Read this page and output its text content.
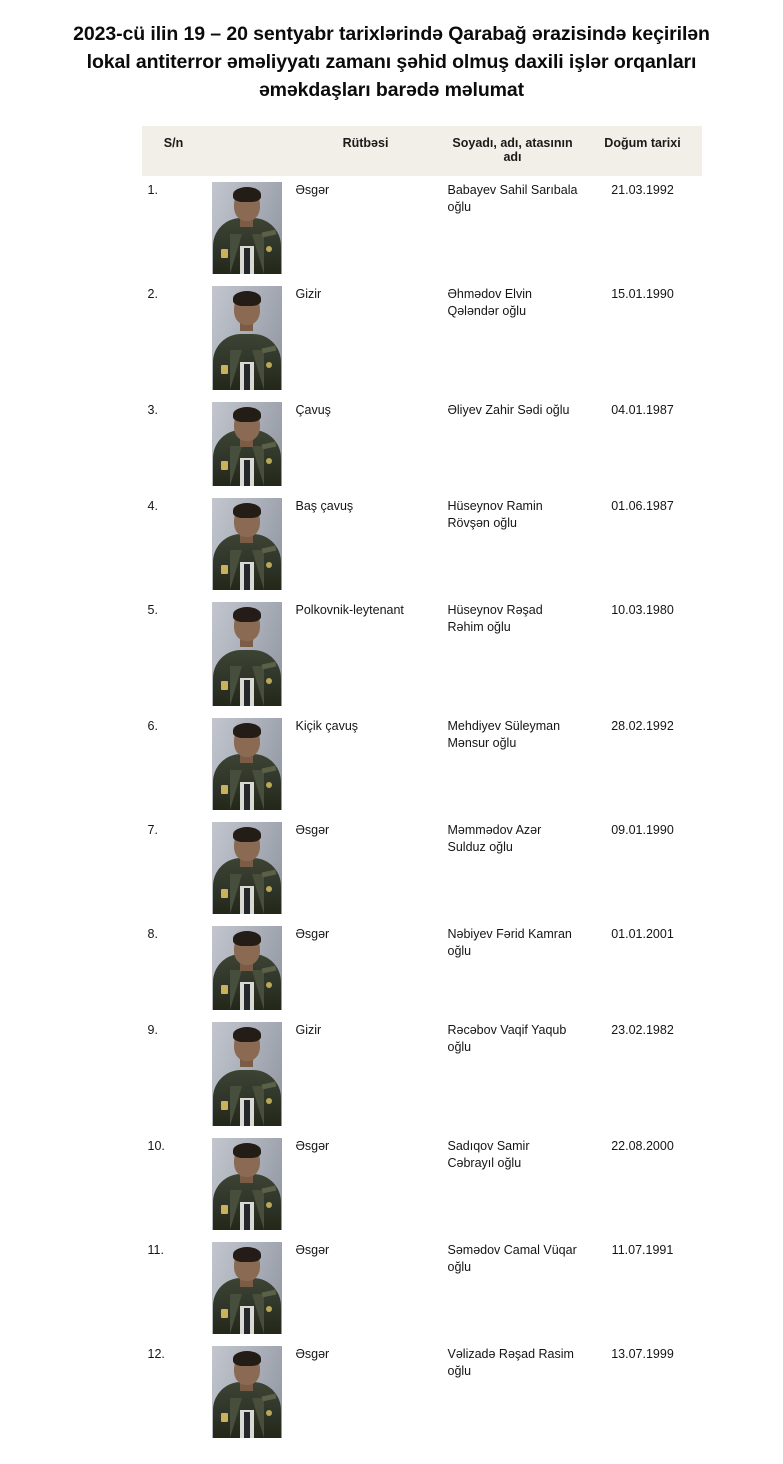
2023-cü ilin 19 – 20 sentyabr tarixlərində Qarabağ ərazisində keçirilən lokal antiterror əməliyyatı zamanı şəhid olmuş daxili işlər orqanları əməkdaşları barədə məlumat
S/n		Rütbəsi	Soyadı, adı, atasının adı	Doğum tarixi
1.		Əsgər	Babayev Sahil Sarıbala oğlu	21.03.1992
2.		Gizir	Əhmədov Elvin Qələndər oğlu	15.01.1990
3.		Çavuş	Əliyev Zahir Sədi oğlu	04.01.1987
4.		Baş çavuş	Hüseynov Ramin Rövşən oğlu	01.06.1987
5.		Polkovnik-leytenant	Hüseynov Rəşad Rəhim oğlu	10.03.1980
6.		Kiçik çavuş	Mehdiyev Süleyman Mənsur oğlu	28.02.1992
7.		Əsgər	Məmmədov Azər Sulduz oğlu	09.01.1990
8.		Əsgər	Nəbiyev Fərid Kamran oğlu	01.01.2001
9.		Gizir	Rəcəbov Vaqif Yaqub oğlu	23.02.1982
10.		Əsgər	Sadıqov Samir Cəbrayıl oğlu	22.08.2000
11.		Əsgər	Səmədov Camal Vüqar oğlu	11.07.1991
12.		Əsgər	Vəlizadə Rəşad Rasim oğlu	13.07.1999
